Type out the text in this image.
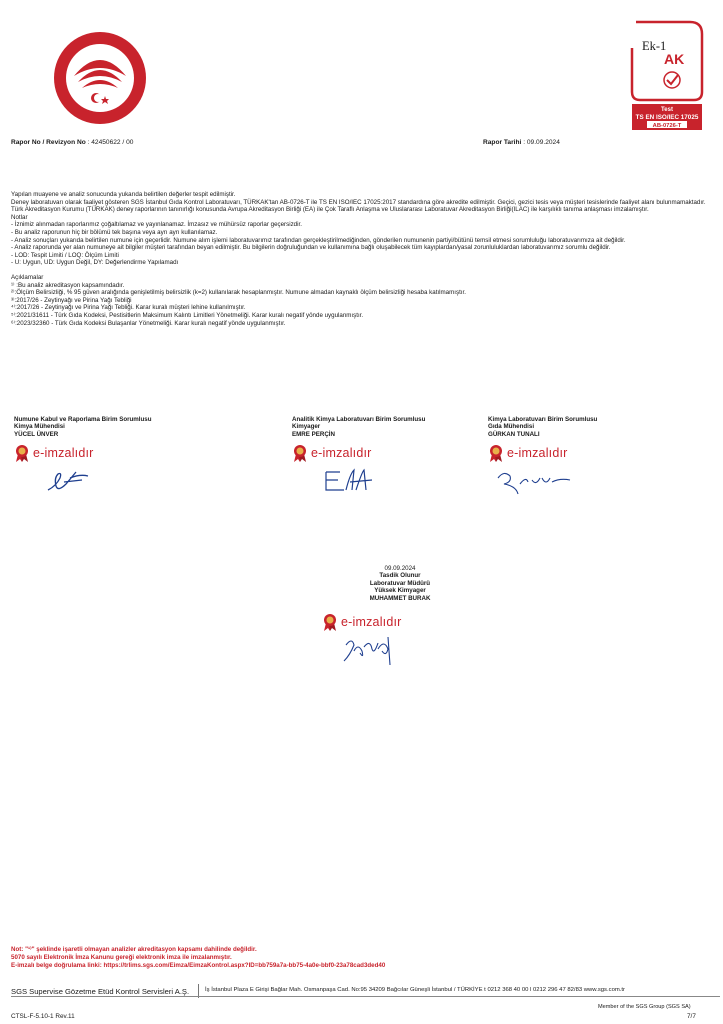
AK
Test
TS EN ISO/IEC 17025
AB-0726-T
Ek-1
Rapor No / Revizyon No : 42450622 / 00	Rapor Tarihi : 09.09.2024

Yapılan muayene ve analiz sonucunda yukarıda belirtilen değerler tespit edilmiştir.

Deney laboratuvarı olarak faaliyet gösteren SGS İstanbul Gıda Kontrol Laboratuvarı, TÜRKAK'tan AB-0726-T ile TS EN ISO/IEC 17025:2017 standardına göre akredite edilmiştir. Geçici, gezici tesis veya müşteri tesislerinde faaliyet alanı bulunmamaktadır.

Türk Akreditasyon Kurumu (TÜRKAK) deney raporlarının tanınırlığı konusunda Avrupa Akreditasyon Birliği (EA) ile Çok Taraflı Anlaşma ve Uluslararası Laboratuvar Akreditasyon Birliği(ILAC) ile karşılıklı tanıma anlaşması imzalamıştır.

Notlar

- İznimiz alınmadan raporlarımız çoğaltılamaz ve yayınlanamaz. İmzasız ve mühürsüz raporlar geçersizdir.

- Bu analiz raporunun hiç bir bölümü tek başına veya ayrı ayrı kullanılamaz.

- Analiz sonuçları yukarıda belirtilen numune için geçerlidir. Numune alım işlemi laboratuvarımız tarafından gerçekleştirilmediğinden, gönderilen numunenin partiyi/bütünü temsil etmesi sorumluluğu laboratuvarımıza ait değildir.

- Analiz raporunda yer alan numuneye ait bilgiler müşteri tarafından beyan edilmiştir. Bu bilgilerin doğruluğundan ve kullanımına bağlı oluşabilecek tüm kayıplardan/yasal zorunluluklardan laboratuvarımız sorumlu değildir.

- LOD: Tespit Limiti / LOQ: Ölçüm Limiti

- U: Uygun, UD: Uygun Değil, DY: Değerlendirme Yapılamadı

Açıklamalar

¹⁾ :Bu analiz akreditasyon kapsamındadır.

²⁾:Ölçüm Belirsizliği, % 95 güven aralığında genişletilmiş belirsizlik (k=2) kullanılarak hesaplanmıştır. Numune almadan kaynaklı ölçüm belirsizliği hesaba katılmamıştır.

³⁾:2017/26 - Zeytinyağı ve Pirina Yağı Tebliği

⁴⁾:2017/26 - Zeytinyağı ve Pirina Yağı Tebliği. Karar kuralı müşteri lehine kullanılmıştır.

⁵⁾:2021/31611 - Türk Gıda Kodeksi, Pestisitlerin Maksimum Kalıntı Limitleri Yönetmeliği. Karar kuralı negatif yönde uygulanmıştır.

⁶⁾:2023/32360 - Türk Gıda Kodeksi Bulaşanlar Yönetmeliği. Karar kuralı negatif yönde uygulanmıştır.

Numune Kabul ve Raporlama Birim Sorumlusu
Kimya Mühendisi
YÜCEL ÜNVER
e-imzalıdır
Analitik Kimya Laboratuvarı Birim Sorumlusu
Kimyager
EMRE PERÇİN
e-imzalıdır
Kimya Laboratuvarı Birim Sorumlusu
Gıda Mühendisi
GÜRKAN TUNALI
e-imzalıdır
09.09.2024
Tasdik Olunur
Laboratuvar Müdürü
Yüksek Kimyager
MUHAMMET BURAK
e-imzalıdır
Not: "¹⁾" şeklinde işaretli olmayan analizler akreditasyon kapsamı dahilinde değildir.
5070 sayılı Elektronik İmza Kanunu gereği elektronik imza ile imzalanmıştır.
E-imzalı belge doğrulama linki: https://trlims.sgs.com/Eimza/EimzaKontrol.aspx?ID=bb759a7a-bb75-4a0e-bbf0-23a78cad3ded40
SGS Supervise Gözetme Etüd Kontrol Servisleri A.Ş.	İş İstanbul Plaza E Girişi Bağlar Mah. Osmanpaşa Cad. No:95 34209 Bağcılar Güneşli İstanbul / TÜRKİYE t 0212 368 40 00 l 0212 296 47 82/83 www.sgs.com.tr
Member of the SGS Group (SGS SA)
CTSL-F-5.10-1 Rev.11	7/7
